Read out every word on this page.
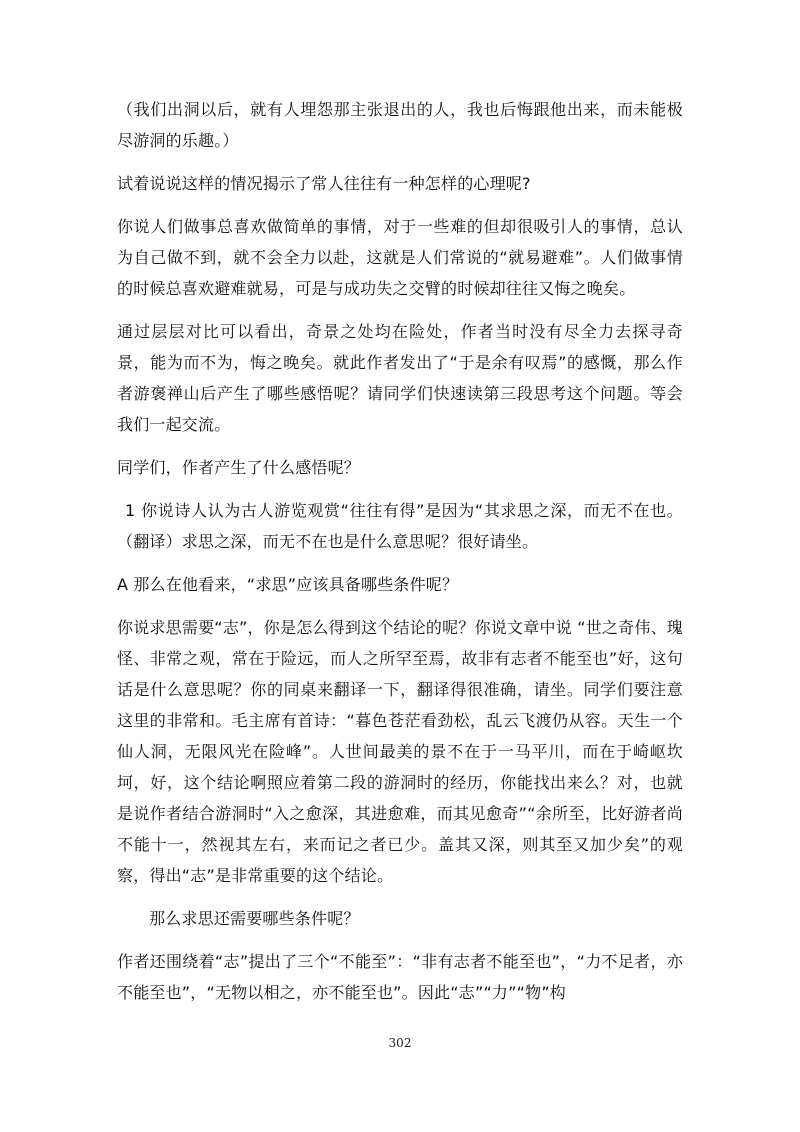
（我们出洞以后，就有人埋怨那主张退出的人，我也后悔跟他出来，而未能极尽游洞的乐趣。）

试着说说这样的情况揭示了常人往往有一种怎样的心理呢?

你说人们做事总喜欢做简单的事情，对于一些难的但却很吸引人的事情，总认为自己做不到，就不会全力以赴，这就是人们常说的“就易避难”。人们做事情的时候总喜欢避难就易，可是与成功失之交臂的时候却往往又悔之晚矣。

通过层层对比可以看出，奇景之处均在险处，作者当时没有尽全力去探寻奇景，能为而不为，悔之晚矣。就此作者发出了“于是余有叹焉”的感慨，那么作者游褒禅山后产生了哪些感悟呢？请同学们快速读第三段思考这个问题。等会我们一起交流。

同学们，作者产生了什么感悟呢？

1 你说诗人认为古人游览观赏“往往有得”是因为“其求思之深，而无不在也。（翻译）求思之深，而无不在也是什么意思呢？很好请坐。

A 那么在他看来，“求思”应该具备哪些条件呢？

你说求思需要“志”，你是怎么得到这个结论的呢？你说文章中说 “世之奇伟、瑰怪、非常之观，常在于险远，而人之所罕至焉，故非有志者不能至也”好，这句话是什么意思呢？你的同桌来翻译一下，翻译得很准确，请坐。同学们要注意这里的非常和。毛主席有首诗：“暮色苍茫看劲松，乱云飞渡仍从容。天生一个仙人洞，无限风光在险峰”。人世间最美的景不在于一马平川，而在于崎岖坎坷，好，这个结论啊照应着第二段的游洞时的经历，你能找出来么？对，也就是说作者结合游洞时“入之愈深，其进愈难，而其见愈奇”“余所至，比好游者尚不能十一，然视其左右，来而记之者已少。盖其又深，则其至又加少矣”的观察，得出“志”是非常重要的这个结论。

那么求思还需要哪些条件呢？

作者还围绕着“志”提出了三个“不能至”：“非有志者不能至也”，“力不足者，亦不能至也”，“无物以相之，亦不能至也”。因此“志”“力”“物”构

302
